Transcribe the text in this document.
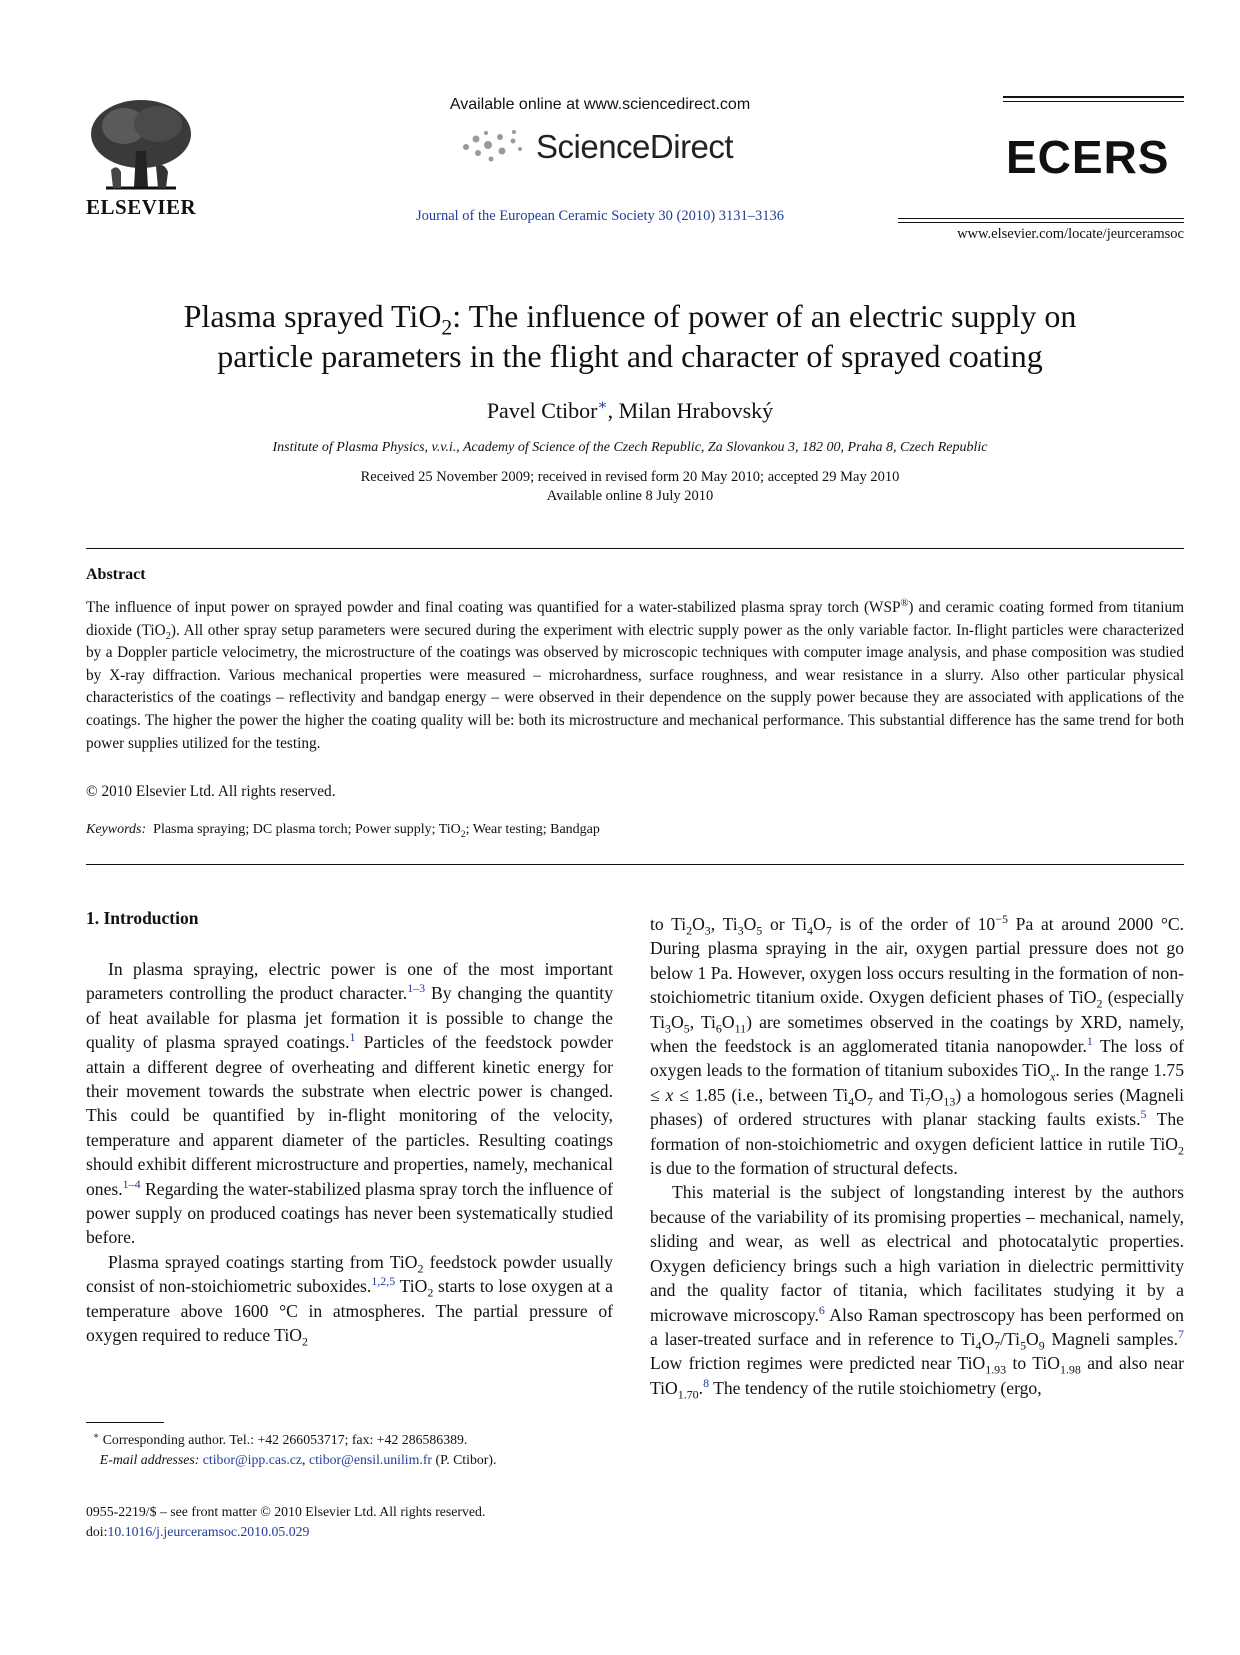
ELSEVIER
Available online at www.sciencedirect.com
ScienceDirect
Journal of the European Ceramic Society 30 (2010) 3131–3136
ECERS
www.elsevier.com/locate/jeurceramsoc
Plasma sprayed TiO$_2$: The influence of power of an electric supply on
particle parameters in the flight and character of sprayed coating
Pavel Ctibor∗, Milan Hrabovský
Institute of Plasma Physics, v.v.i., Academy of Science of the Czech Republic, Za Slovankou 3, 182 00, Praha 8, Czech Republic
Received 25 November 2009; received in revised form 20 May 2010; accepted 29 May 2010
Available online 8 July 2010
Abstract
The influence of input power on sprayed powder and final coating was quantified for a water-stabilized plasma spray torch (WSP®) and ceramic coating formed from titanium dioxide (TiO$_2$). All other spray setup parameters were secured during the experiment with electric supply power as the only variable factor. In-flight particles were characterized by a Doppler particle velocimetry, the microstructure of the coatings was observed by microscopic techniques with computer image analysis, and phase composition was studied by X-ray diffraction. Various mechanical properties were measured – microhardness, surface roughness, and wear resistance in a slurry. Also other particular physical characteristics of the coatings – reflectivity and bandgap energy – were observed in their dependence on the supply power because they are associated with applications of the coatings. The higher the power the higher the coating quality will be: both its microstructure and mechanical performance. This substantial difference has the same trend for both power supplies utilized for the testing.
© 2010 Elsevier Ltd. All rights reserved.
Keywords: Plasma spraying; DC plasma torch; Power supply; TiO$_2$; Wear testing; Bandgap
1. Introduction

In plasma spraying, electric power is one of the most important parameters controlling the product character.$^{1-3}$ By changing the quantity of heat available for plasma jet formation it is possible to change the quality of plasma sprayed coatings.$^1$ Particles of the feedstock powder attain a different degree of overheating and different kinetic energy for their movement towards the substrate when electric power is changed. This could be quantified by in-flight monitoring of the velocity, temperature and apparent diameter of the particles. Resulting coatings should exhibit different microstructure and properties, namely, mechanical ones.$^{1-4}$ Regarding the water-stabilized plasma spray torch the influence of power supply on produced coatings has never been systematically studied before.

Plasma sprayed coatings starting from TiO$_2$ feedstock powder usually consist of non-stoichiometric suboxides.$^{1,2,5}$ TiO$_2$ starts to lose oxygen at a temperature above 1600 °C in atmospheres. The partial pressure of oxygen required to reduce TiO$_2$

to $Ti_2O_3$, $Ti_3O_5$ or $Ti_4O_7$ is of the order of $10^{-5}$ Pa at around 2000 °C. During plasma spraying in the air, oxygen partial pressure does not go below 1 Pa. However, oxygen loss occurs resulting in the formation of non-stoichiometric titanium oxide. Oxygen deficient phases of TiO$_2$ (especially $Ti_3O_5$, $Ti_6O_{11}$) are sometimes observed in the coatings by XRD, namely, when the feedstock is an agglomerated titania nanopowder.$^1$ The loss of oxygen leads to the formation of titanium suboxides TiO$_x$. In the range 1.75 ≤ x ≤ 1.85 (i.e., between $Ti_4O_7$ and $Ti_7O_{13}$) a homologous series (Magneli phases) of ordered structures with planar stacking faults exists.$^5$ The formation of non-stoichiometric and oxygen deficient lattice in rutile TiO$_2$ is due to the formation of structural defects.

This material is the subject of longstanding interest by the authors because of the variability of its promising properties – mechanical, namely, sliding and wear, as well as electrical and photocatalytic properties. Oxygen deficiency brings such a high variation in dielectric permittivity and the quality factor of titania, which facilitates studying it by a microwave microscopy.$^6$ Also Raman spectroscopy has been performed on a laser-treated surface and in reference to $Ti_4O_7/Ti_5O_9$ Magneli samples.$^7$ Low friction regimes were predicted near TiO$_{1.93}$ to TiO$_{1.98}$ and also near TiO$_{1.70}$.$^8$ The tendency of the rutile stoichiometry (ergo,

∗ Corresponding author. Tel.: +42 266053717; fax: +42 286586389.
E-mail addresses: ctibor@ipp.cas.cz, ctibor@ensil.unilim.fr (P. Ctibor).
0955-2219/$ – see front matter © 2010 Elsevier Ltd. All rights reserved.
doi:10.1016/j.jeurceramsoc.2010.05.029
